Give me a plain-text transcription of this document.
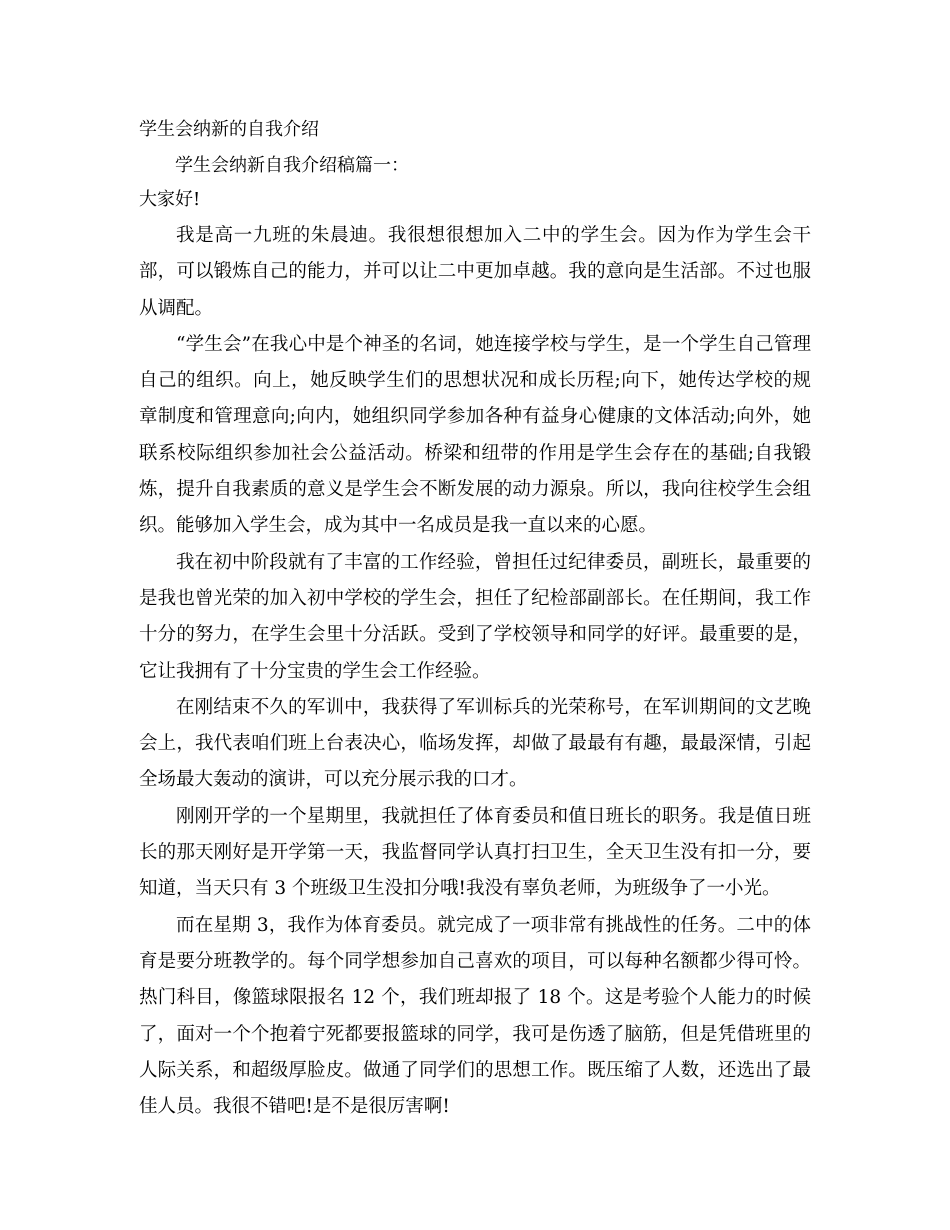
学生会纳新的自我介绍
学生会纳新自我介绍稿篇一：
大家好!

我是高一九班的朱晨迪。我很想很想加入二中的学生会。因为作为学生会干部，可以锻炼自己的能力，并可以让二中更加卓越。我的意向是生活部。不过也服从调配。

“学生会”在我心中是个神圣的名词，她连接学校与学生，是一个学生自己管理自己的组织。向上，她反映学生们的思想状况和成长历程;向下，她传达学校的规章制度和管理意向;向内，她组织同学参加各种有益身心健康的文体活动;向外，她联系校际组织参加社会公益活动。桥梁和纽带的作用是学生会存在的基础;自我锻炼，提升自我素质的意义是学生会不断发展的动力源泉。所以，我向往校学生会组织。能够加入学生会，成为其中一名成员是我一直以来的心愿。

我在初中阶段就有了丰富的工作经验，曾担任过纪律委员，副班长，最重要的是我也曾光荣的加入初中学校的学生会，担任了纪检部副部长。在任期间，我工作十分的努力，在学生会里十分活跃。受到了学校领导和同学的好评。最重要的是，它让我拥有了十分宝贵的学生会工作经验。

在刚结束不久的军训中，我获得了军训标兵的光荣称号，在军训期间的文艺晚会上，我代表咱们班上台表决心，临场发挥，却做了最最有有趣，最最深情，引起全场最大轰动的演讲，可以充分展示我的口才。

刚刚开学的一个星期里，我就担任了体育委员和值日班长的职务。我是值日班长的那天刚好是开学第一天，我监督同学认真打扫卫生，全天卫生没有扣一分，要知道，当天只有 3 个班级卫生没扣分哦!我没有辜负老师，为班级争了一小光。

而在星期 3，我作为体育委员。就完成了一项非常有挑战性的任务。二中的体育是要分班教学的。每个同学想参加自己喜欢的项目，可以每种名额都少得可怜。热门科目，像篮球限报名 12 个，我们班却报了 18 个。这是考验个人能力的时候了，面对一个个抱着宁死都要报篮球的同学，我可是伤透了脑筋，但是凭借班里的人际关系，和超级厚脸皮。做通了同学们的思想工作。既压缩了人数，还选出了最佳人员。我很不错吧!是不是很厉害啊!
